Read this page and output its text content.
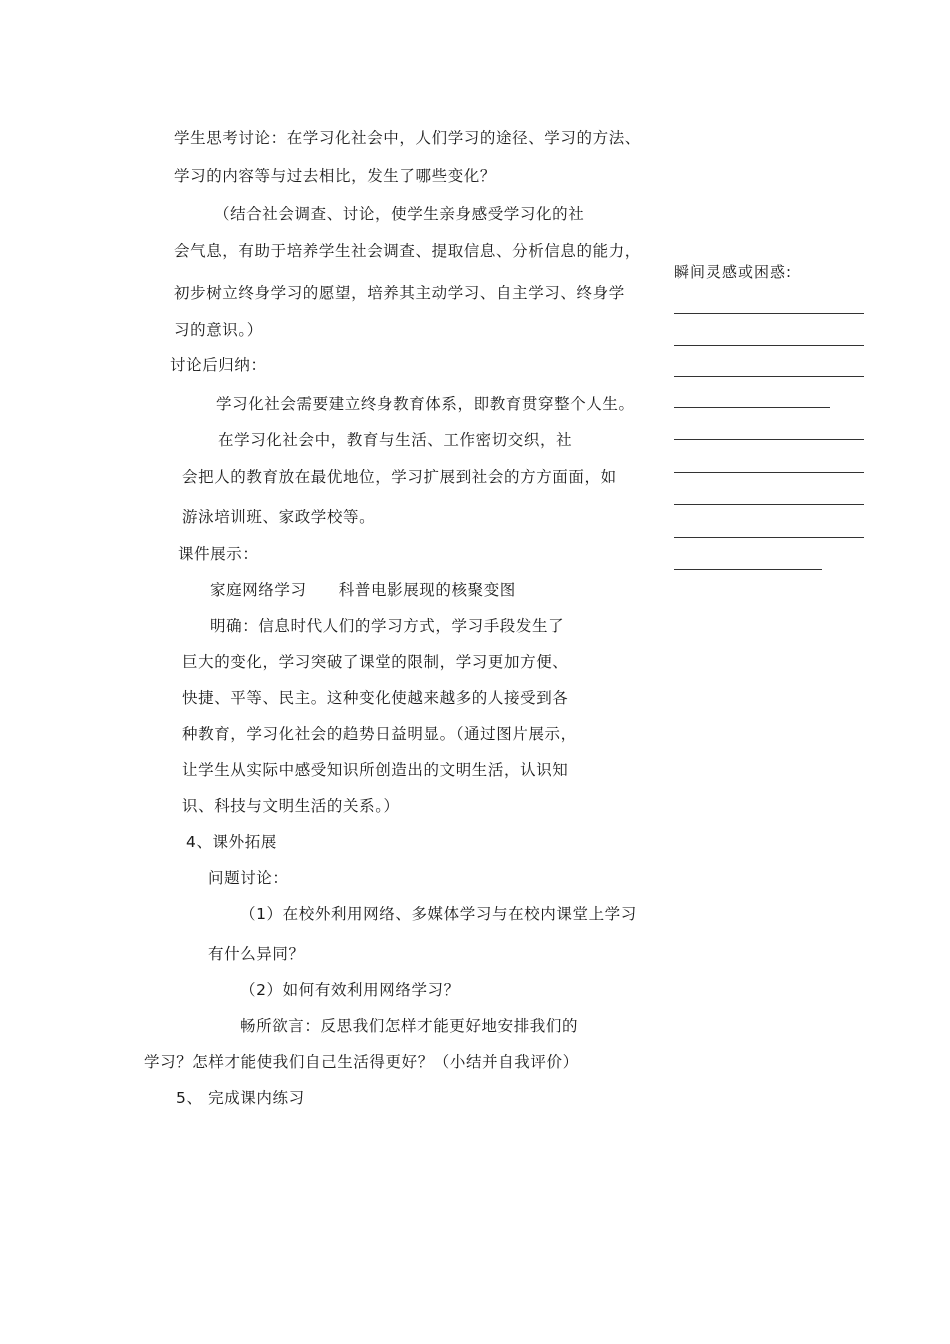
学生思考讨论：在学习化社会中，人们学习的途径、学习的方法、
学习的内容等与过去相比，发生了哪些变化？
（结合社会调查、讨论，使学生亲身感受学习化的社
会气息，有助于培养学生社会调查、提取信息、分析信息的能力，
初步树立终身学习的愿望，培养其主动学习、自主学习、终身学
习的意识。）
讨论后归纳：
学习化社会需要建立终身教育体系，即教育贯穿整个人生。
在学习化社会中，教育与生活、工作密切交织，社
会把人的教育放在最优地位，学习扩展到社会的方方面面，如
游泳培训班、家政学校等。
课件展示：
家庭网络学习　　科普电影展现的核聚变图
明确：信息时代人们的学习方式，学习手段发生了
巨大的变化，学习突破了课堂的限制，学习更加方便、
快捷、平等、民主。这种变化使越来越多的人接受到各
种教育，学习化社会的趋势日益明显。（通过图片展示，
让学生从实际中感受知识所创造出的文明生活，认识知
识、科技与文明生活的关系。）
4、课外拓展
问题讨论：
（1）在校外利用网络、多媒体学习与在校内课堂上学习
有什么异同？
（2）如何有效利用网络学习？
畅所欲言：反思我们怎样才能更好地安排我们的
学习？怎样才能使我们自己生活得更好？（小结并自我评价）
5、 完成课内练习
瞬间灵感或困惑:
